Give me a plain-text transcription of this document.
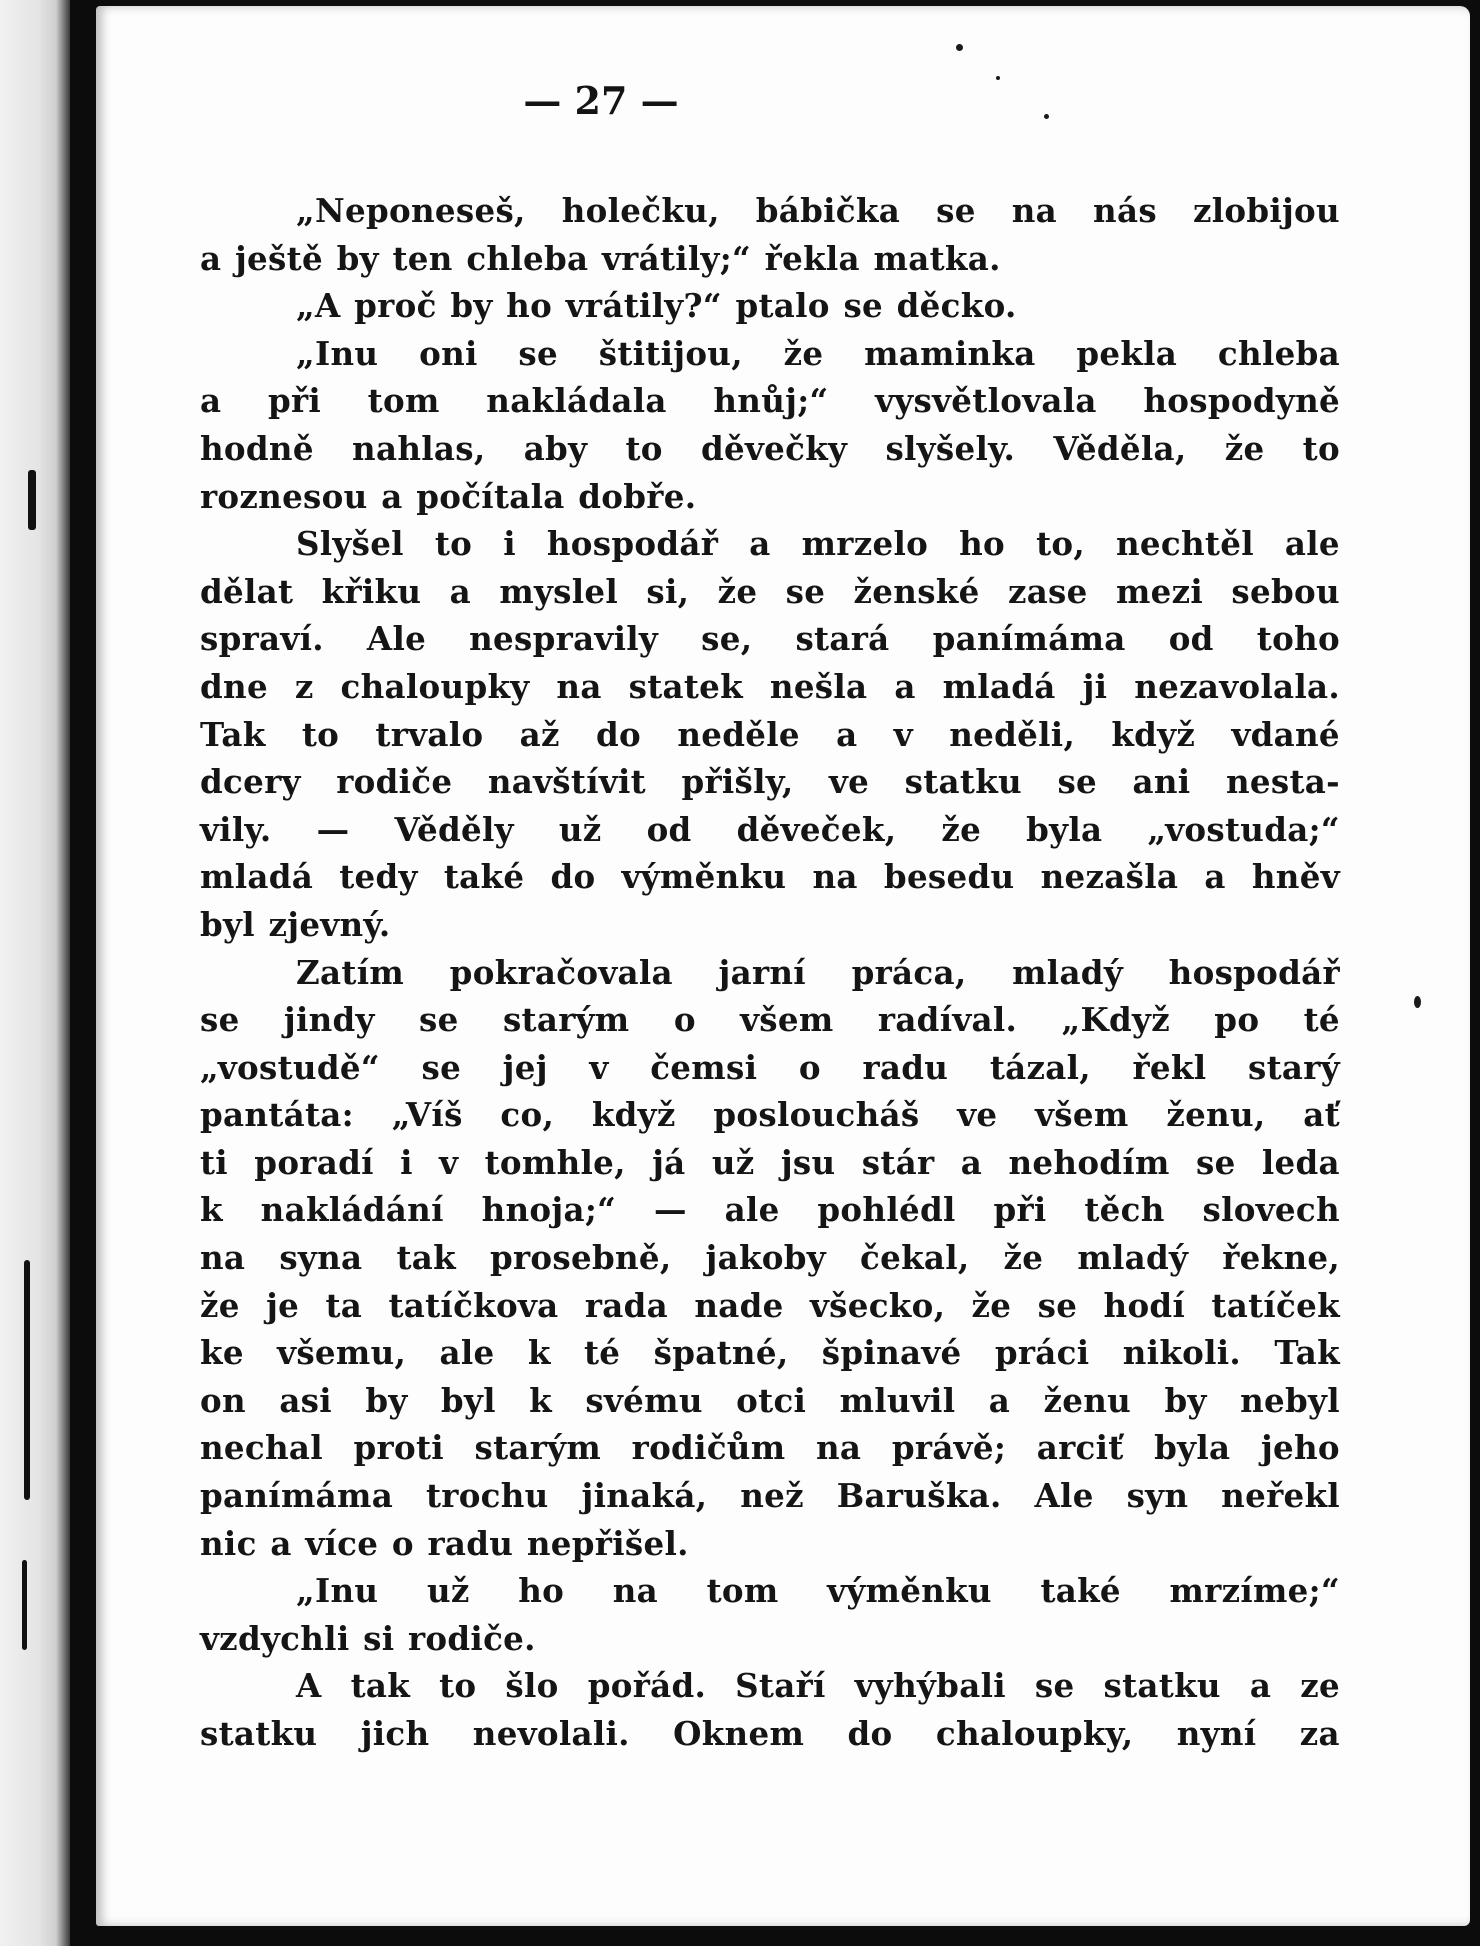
— 27 —
„Neponeseš, holečku, bábička se na nás zlobijou
a ještě by ten chleba vrátily;“ řekla matka.
„A proč by ho vrátily?“ ptalo se děcko.
„Inu oni se štitijou, že maminka pekla chleba
a při tom nakládala hnůj;“ vysvětlovala hospodyně
hodně nahlas, aby to děvečky slyšely. Věděla, že to
roznesou a počítala dobře.
Slyšel to i hospodář a mrzelo ho to, nechtěl ale
dělat křiku a myslel si, že se ženské zase mezi sebou
spraví. Ale nespravily se, stará panímáma od toho
dne z chaloupky na statek nešla a mladá ji nezavolala.
Tak to trvalo až do neděle a v neděli, když vdané
dcery rodiče navštívit přišly, ve statku se ani nesta-
vily. — Věděly už od děveček, že byla „vostuda;“
mladá tedy také do výměnku na besedu nezašla a hněv
byl zjevný.
Zatím pokračovala jarní práca, mladý hospodář
se jindy se starým o všem radíval. „Když po té
„vostudě“ se jej v čemsi o radu tázal, řekl starý
pantáta: „Víš co, když posloucháš ve všem ženu, ať
ti poradí i v tomhle, já už jsu stár a nehodím se leda
k nakládání hnoja;“ — ale pohlédl při těch slovech
na syna tak prosebně, jakoby čekal, že mladý řekne,
že je ta tatíčkova rada nade všecko, že se hodí tatíček
ke všemu, ale k té špatné, špinavé práci nikoli. Tak
on asi by byl k svému otci mluvil a ženu by nebyl
nechal proti starým rodičům na právě; arciť byla jeho
panímáma trochu jinaká, než Baruška. Ale syn neřekl
nic a více o radu nepřišel.
„Inu už ho na tom výměnku také mrzíme;“
vzdychli si rodiče.
A tak to šlo pořád. Staří vyhýbali se statku a ze
statku jich nevolali. Oknem do chaloupky, nyní za
